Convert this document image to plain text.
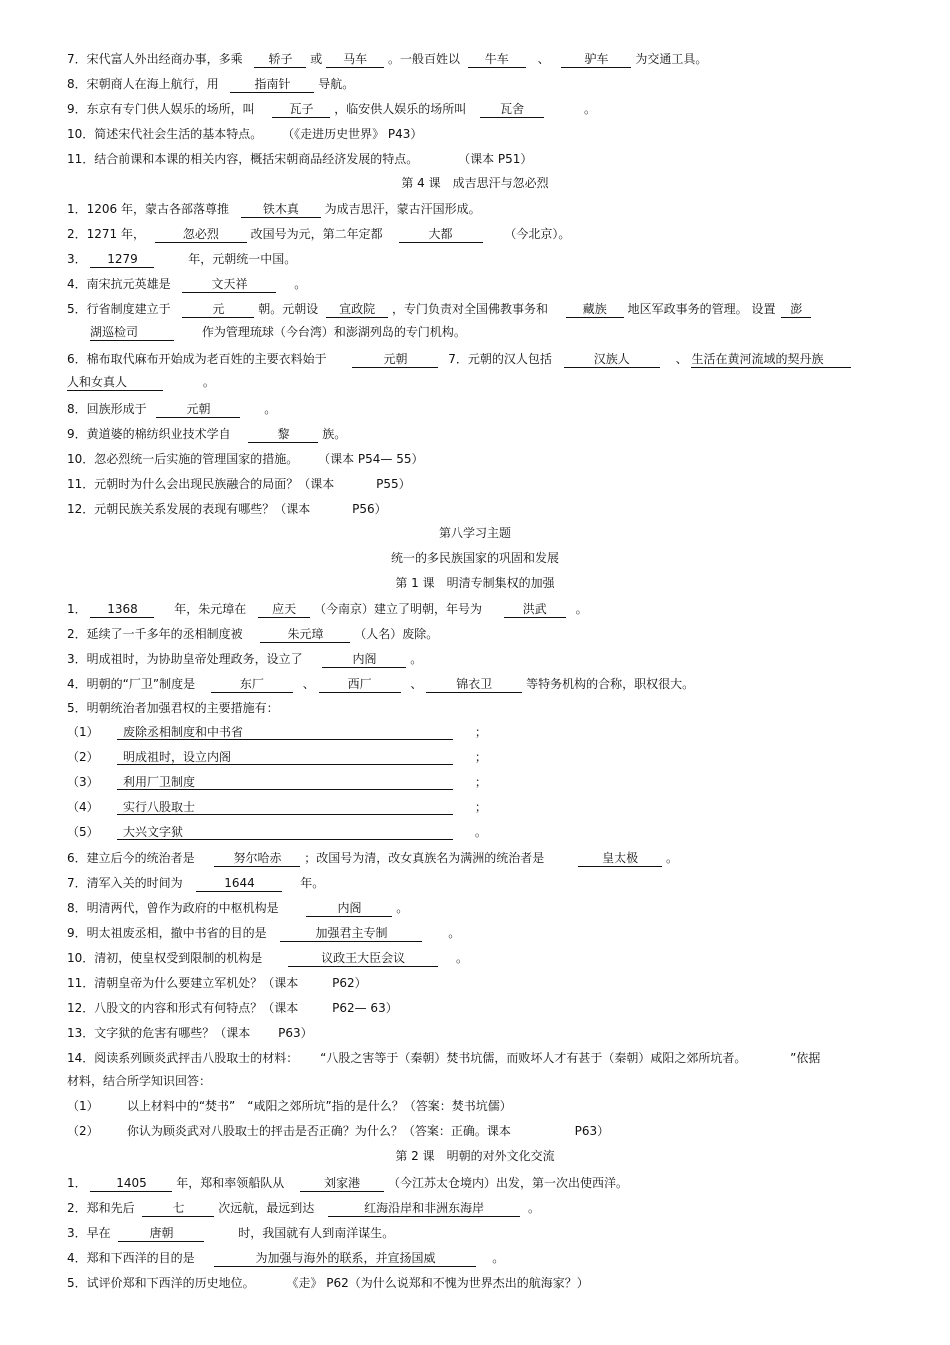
7．宋代富人外出经商办事，多乘 轿子 或 马车 。一般百姓以 牛车 、	驴车 为交通工具。
8．宋朝商人在海上航行，用	指南针 导航。
9．东京有专门供人娱乐的场所，叫	瓦子 ，临安供人娱乐的场所叫	瓦舍	。
10．简述宋代社会生活的基本特点。 （《走进历史世界》 P43）
11．结合前课和本课的相关内容，概括宋朝商品经济发展的特点。	（课本 P51）
第 4 课　成吉思汗与忽必烈
1．1206 年，蒙古各部落尊推	铁木真 为成吉思汗，蒙古汗国形成。
2．1271 年，	忽必烈	改国号为元，第二年定都	大都	（今北京）。
3． 1279	年，元朝统一中国。
4．南宋抗元英雄是	文天祥	。
5．行省制度建立于	元	朝。元朝设 宣政院 ，专门负责对全国佛教事务和	藏族 地区军政事务的管理。 设置 澎
湖巡检司	作为管理琉球（今台湾）和澎湖列岛的专门机构。
6．棉布取代麻布开始成为老百姓的主要衣料始于	元朝	7．元朝的汉人包括	汉族人	、 生活在黄河流域的契丹族
人和女真人	。
8．回族形成于	元朝	。
9．黄道婆的棉纺织业技术学自	黎	族。
10．忽必烈统一后实施的管理国家的措施。 （课本 P54— 55）
11．元朝时为什么会出现民族融合的局面？（课本	P55）
12．元朝民族关系发展的表现有哪些？（课本	P56）
第八学习主题
统一的多民族国家的巩固和发展
第 1 课　明清专制集权的加强
1． 1368	年，朱元璋在 应天 （今南京）建立了明朝，年号为	洪武 。
2．延续了一千多年的丞相制度被	朱元璋	（人名）废除。
3．明成祖时，为协助皇帝处理政务，设立了	内阁	。
4．明朝的“厂卫”制度是	东厂	、	西厂	、	锦衣卫	等特务机构的合称，职权很大。
5．明朝统治者加强君权的主要措施有：
（1） 废除丞相制度和中书省	；
（2） 明成祖时，设立内阁	；
（3） 利用厂卫制度	；
（4） 实行八股取士	；
（5） 大兴文字狱	。
6．建立后今的统治者是	努尔哈赤 ；改国号为清，改女真族名为满洲的统治者是	皇太极 。
7．清军入关的时间为	1644	年。
8．明清两代，曾作为政府的中枢机构是	内阁	。
9．明太祖废丞相，撤中书省的目的是	加强君主专制	。
10．清初，使皇权受到限制的机构是	议政王大臣会议	。
11．清朝皇帝为什么要建立军机处？（课本	P62）
12．八股文的内容和形式有何特点？（课本	P62— 63）
13．文字狱的危害有哪些？（课本 P63）
14．阅读系列顾炎武抨击八股取士的材料： “八股之害等于（秦朝）焚书坑儒，而败坏人才有甚于（秦朝）咸阳之郊所坑者。	”依据
材料，结合所学知识回答：
（1） 以上材料中的“焚书”　“咸阳之郊所坑”指的是什么？（答案：焚书坑儒）
（2） 你认为顾炎武对八股取士的抨击是否正确？为什么？（答案：正确。课本	P63）
第 2 课　明朝的对外文化交流
1． 1405 年，郑和率领船队从	刘家港 （今江苏太仓境内）出发，第一次出使西洋。
2．郑和先后	七	次远航，最远到达	红海沿岸和非洲东海岸	。
3．早在	唐朝	时，我国就有人到南洋谋生。
4．郑和下西洋的目的是	为加强与海外的联系，并宣扬国威	。
5．试评价郑和下西洋的历史地位。	《走》 P62（为什么说郑和不愧为世界杰出的航海家？）
